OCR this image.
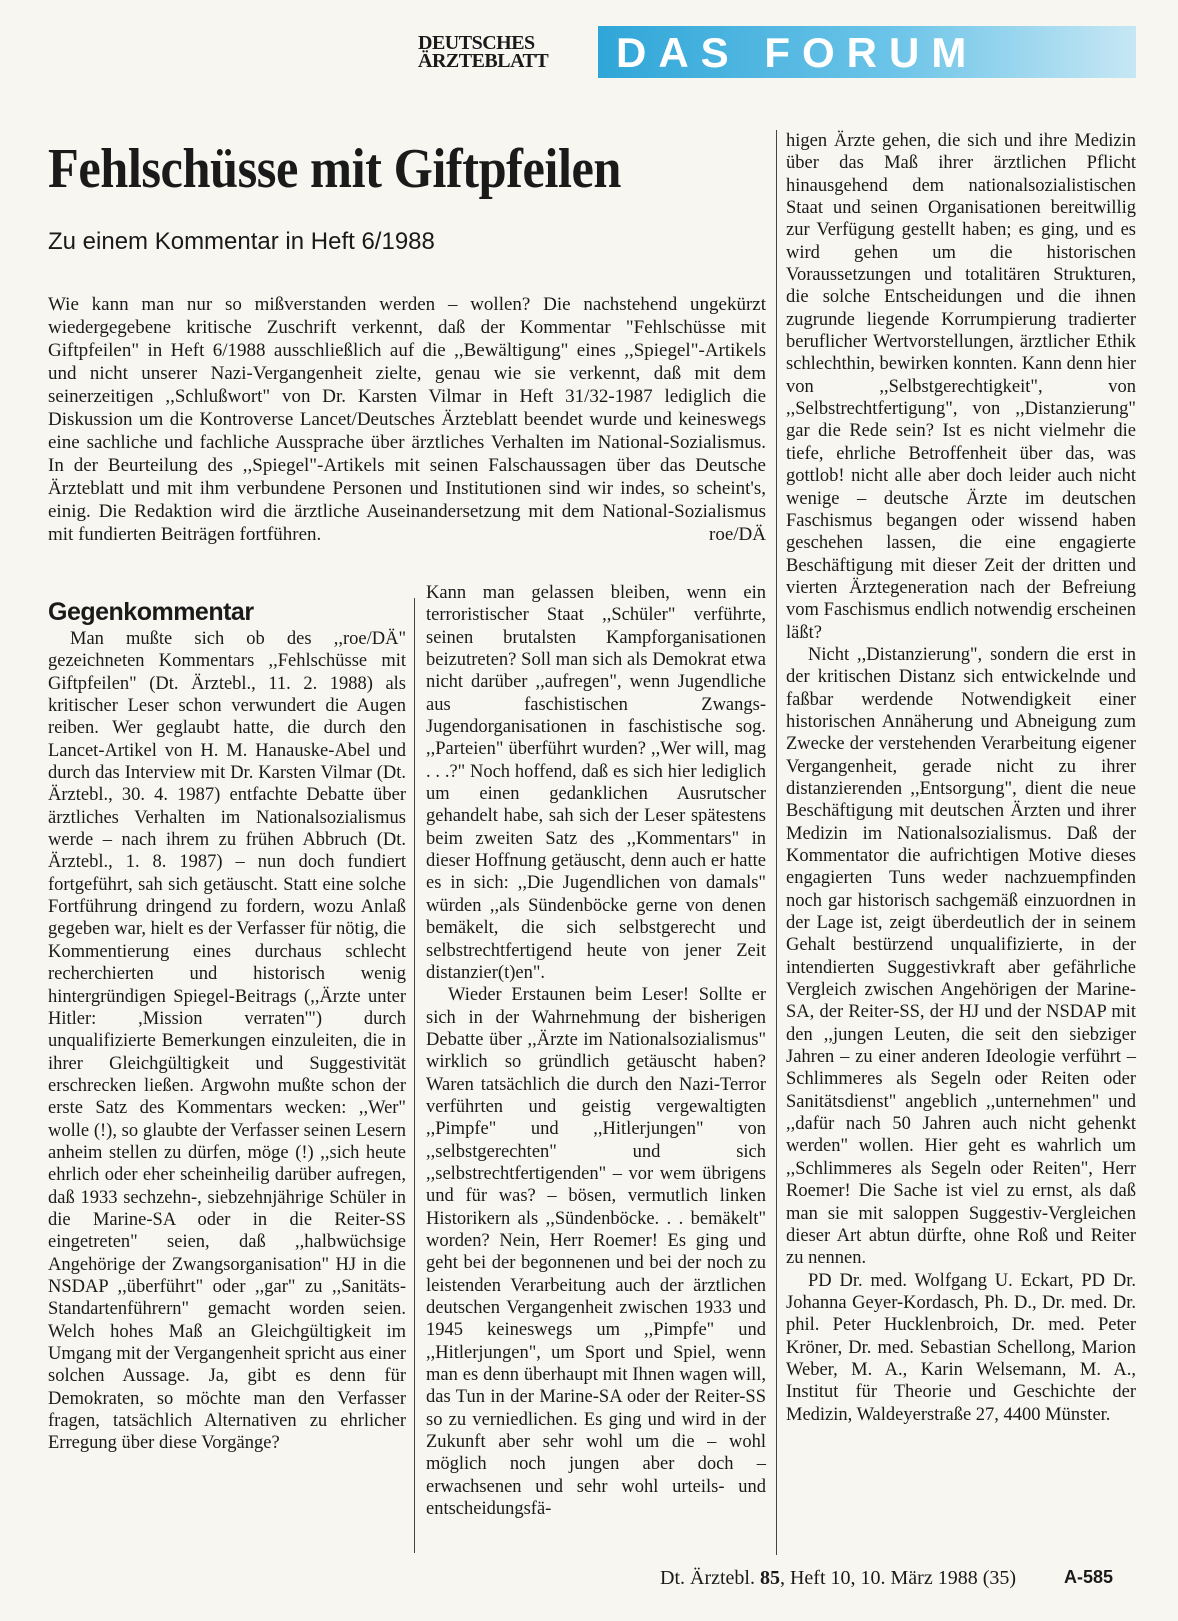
DEUTSCHES
ÄRZTEBLATT	DAS FORUM
Fehlschüsse mit Giftpfeilen

Zu einem Kommentar in Heft 6/1988

Wie kann man nur so mißverstanden werden – wollen? Die nachstehend ungekürzt wiedergegebene kritische Zuschrift verkennt, daß der Kommentar "Fehlschüsse mit Giftpfeilen" in Heft 6/1988 ausschließlich auf die ,,Bewältigung" eines ,,Spiegel"-Artikels und nicht unserer Nazi-Vergangenheit zielte, genau wie sie verkennt, daß mit dem seinerzeitigen ,,Schlußwort" von Dr. Karsten Vilmar in Heft 31/32-1987 lediglich die Diskussion um die Kontroverse Lancet/Deutsches Ärzteblatt beendet wurde und keineswegs eine sachliche und fachliche Aussprache über ärztliches Verhalten im National-Sozialismus. In der Beurteilung des ,,Spiegel"-Artikels mit seinen Falschaussagen über das Deutsche Ärzteblatt und mit ihm verbundene Personen und Institutionen sind wir indes, so scheint's, einig. Die Redaktion wird die ärztliche Auseinandersetzung mit dem National-Sozialismus mit fundierten Beiträgen fortführen.	roe/DÄ

Gegenkommentar

Man mußte sich ob des ,,roe/DÄ" gezeichneten Kommentars ,,Fehlschüsse mit Giftpfeilen" (Dt. Ärztebl., 11. 2. 1988) als kritischer Leser schon verwundert die Augen reiben. Wer geglaubt hatte, die durch den Lancet-Artikel von H. M. Hanauske-Abel und durch das Interview mit Dr. Karsten Vilmar (Dt. Ärztebl., 30. 4. 1987) entfachte Debatte über ärztliches Verhalten im Nationalsozialismus werde – nach ihrem zu frühen Abbruch (Dt. Ärztebl., 1. 8. 1987) – nun doch fundiert fortgeführt, sah sich getäuscht. Statt eine solche Fortführung dringend zu fordern, wozu Anlaß gegeben war, hielt es der Verfasser für nötig, die Kommentierung eines durchaus schlecht recherchierten und historisch wenig hintergründigen Spiegel-Beitrags (,,Ärzte unter Hitler: ,Mission verraten'") durch unqualifizierte Bemerkungen einzuleiten, die in ihrer Gleichgültigkeit und Suggestivität erschrecken ließen. Argwohn mußte schon der erste Satz des Kommentars wecken: ,,Wer" wolle (!), so glaubte der Verfasser seinen Lesern anheim stellen zu dürfen, möge (!) ,,sich heute ehrlich oder eher scheinheilig darüber aufregen, daß 1933 sechzehn-, siebzehnjährige Schüler in die Marine-SA oder in die Reiter-SS eingetreten" seien, daß ,,halbwüchsige Angehörige der Zwangsorganisation" HJ in die NSDAP ,,überführt" oder ,,gar" zu ,,Sanitäts-Standartenführern" gemacht worden seien. Welch hohes Maß an Gleichgültigkeit im Umgang mit der Vergangenheit spricht aus einer solchen Aussage. Ja, gibt es denn für Demokraten, so möchte man den Verfasser fragen, tatsächlich Alternativen zu ehrlicher Erregung über diese Vorgänge?

Kann man gelassen bleiben, wenn ein terroristischer Staat ,,Schüler" verführte, seinen brutalsten Kampforganisationen beizutreten? Soll man sich als Demokrat etwa nicht darüber ,,aufregen", wenn Jugendliche aus faschistischen Zwangs-Jugendorganisationen in faschistische sog. ,,Parteien" überführt wurden? ,,Wer will, mag . . .?" Noch hoffend, daß es sich hier lediglich um einen gedanklichen Ausrutscher gehandelt habe, sah sich der Leser spätestens beim zweiten Satz des ,,Kommentars" in dieser Hoffnung getäuscht, denn auch er hatte es in sich: ,,Die Jugendlichen von damals" würden ,,als Sündenböcke gerne von denen bemäkelt, die sich selbstgerecht und selbstrechtfertigend heute von jener Zeit distanzier(t)en".

Wieder Erstaunen beim Leser! Sollte er sich in der Wahrnehmung der bisherigen Debatte über ,,Ärzte im Nationalsozialismus" wirklich so gründlich getäuscht haben? Waren tatsächlich die durch den Nazi-Terror verführten und geistig vergewaltigten ,,Pimpfe" und ,,Hitlerjungen" von ,,selbstgerechten" und sich ,,selbstrechtfertigenden" – vor wem übrigens und für was? – bösen, vermutlich linken Historikern als ,,Sündenböcke. . . bemäkelt" worden? Nein, Herr Roemer! Es ging und geht bei der begonnenen und bei der noch zu leistenden Verarbeitung auch der ärztlichen deutschen Vergangenheit zwischen 1933 und 1945 keineswegs um ,,Pimpfe" und ,,Hitlerjungen", um Sport und Spiel, wenn man es denn überhaupt mit Ihnen wagen will, das Tun in der Marine-SA oder der Reiter-SS so zu verniedlichen. Es ging und wird in der Zukunft aber sehr wohl um die – wohl möglich noch jungen aber doch – erwachsenen und sehr wohl urteils- und entscheidungsfä-

higen Ärzte gehen, die sich und ihre Medizin über das Maß ihrer ärztlichen Pflicht hinausgehend dem nationalsozialistischen Staat und seinen Organisationen bereitwillig zur Verfügung gestellt haben; es ging, und es wird gehen um die historischen Voraussetzungen und totalitären Strukturen, die solche Entscheidungen und die ihnen zugrunde liegende Korrumpierung tradierter beruflicher Wertvorstellungen, ärztlicher Ethik schlechthin, bewirken konnten. Kann denn hier von ,,Selbstgerechtigkeit", von ,,Selbstrechtfertigung", von ,,Distanzierung" gar die Rede sein? Ist es nicht vielmehr die tiefe, ehrliche Betroffenheit über das, was gottlob! nicht alle aber doch leider auch nicht wenige – deutsche Ärzte im deutschen Faschismus begangen oder wissend haben geschehen lassen, die eine engagierte Beschäftigung mit dieser Zeit der dritten und vierten Ärztegeneration nach der Befreiung vom Faschismus endlich notwendig erscheinen läßt?

Nicht ,,Distanzierung", sondern die erst in der kritischen Distanz sich entwickelnde und faßbar werdende Notwendigkeit einer historischen Annäherung und Abneigung zum Zwecke der verstehenden Verarbeitung eigener Vergangenheit, gerade nicht zu ihrer distanzierenden ,,Entsorgung", dient die neue Beschäftigung mit deutschen Ärzten und ihrer Medizin im Nationalsozialismus. Daß der Kommentator die aufrichtigen Motive dieses engagierten Tuns weder nachzuempfinden noch gar historisch sachgemäß einzuordnen in der Lage ist, zeigt überdeutlich der in seinem Gehalt bestürzend unqualifizierte, in der intendierten Suggestivkraft aber gefährliche Vergleich zwischen Angehörigen der Marine-SA, der Reiter-SS, der HJ und der NSDAP mit den ,,jungen Leuten, die seit den siebziger Jahren – zu einer anderen Ideologie verführt – Schlimmeres als Segeln oder Reiten oder Sanitätsdienst" angeblich ,,unternehmen" und ,,dafür nach 50 Jahren auch nicht gehenkt werden" wollen. Hier geht es wahrlich um ,,Schlimmeres als Segeln oder Reiten", Herr Roemer! Die Sache ist viel zu ernst, als daß man sie mit saloppen Suggestiv-Vergleichen dieser Art abtun dürfte, ohne Roß und Reiter zu nennen.

PD Dr. med. Wolfgang U. Eckart, PD Dr. Johanna Geyer-Kordasch, Ph. D., Dr. med. Dr. phil. Peter Hucklenbroich, Dr. med. Peter Kröner, Dr. med. Sebastian Schellong, Marion Weber, M. A., Karin Welsemann, M. A., Institut für Theorie und Geschichte der Medizin, Waldeyerstraße 27, 4400 Münster.

Dt. Ärztebl. 85, Heft 10, 10. März 1988 (35)	A-585
